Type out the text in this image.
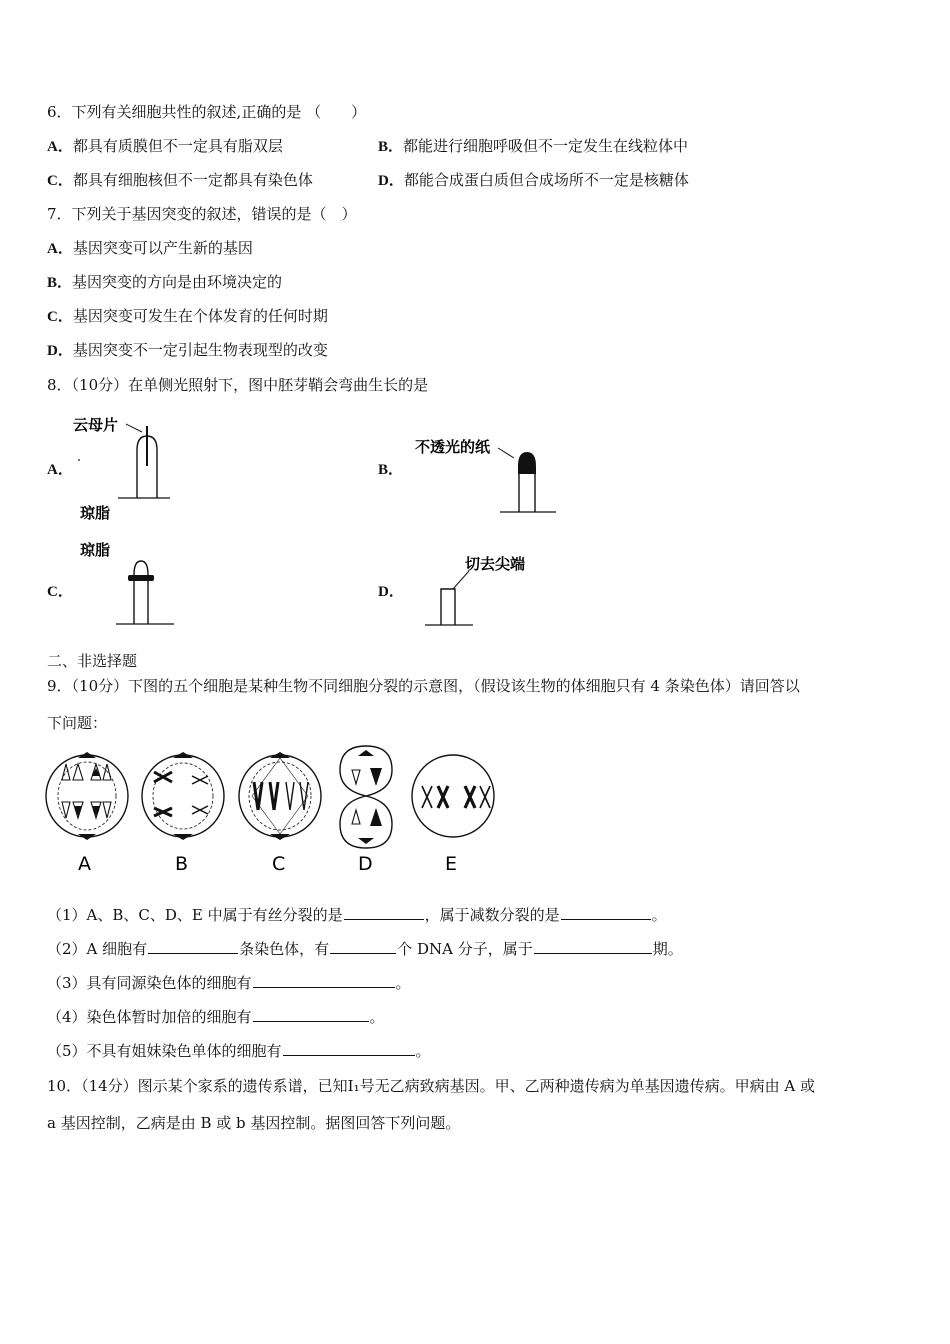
6．下列有关细胞共性的叙述,正确的是 （　　）
A．都具有质膜但不一定具有脂双层	B．都能进行细胞呼吸但不一定发生在线粒体中
C．都具有细胞核但不一定都具有染色体	D．都能合成蛋白质但合成场所不一定是核糖体
7．下列关于基因突变的叙述，错误的是（　）
A．基因突变可以产生新的基因
B．基因突变的方向是由环境决定的
C．基因突变可发生在个体发育的任何时期
D．基因突变不一定引起生物表现型的改变
8．（10分）在单侧光照射下，图中胚芽鞘会弯曲生长的是
A．
云母片
琼脂
B．
不透光的纸
C．
琼脂
D．
切去尖端
二、非选择题
9．（10分）下图的五个细胞是某种生物不同细胞分裂的示意图，（假设该生物的体细胞只有 4 条染色体）请回答以
下问题：
A	B	C	D	E
（1）A、B、C、D、E 中属于有丝分裂的是	，属于减数分裂的是	。
（2）A 细胞有	条染色体，有	个 DNA 分子，属于	期。
（3）具有同源染色体的细胞有	。
（4）染色体暂时加倍的细胞有	。
（5）不具有姐妹染色单体的细胞有	。
10．（14分）图示某个家系的遗传系谱，已知Ⅰ₁号无乙病致病基因。甲、乙两种遗传病为单基因遗传病。甲病由 A 或
a 基因控制，乙病是由 B 或 b 基因控制。据图回答下列问题。
